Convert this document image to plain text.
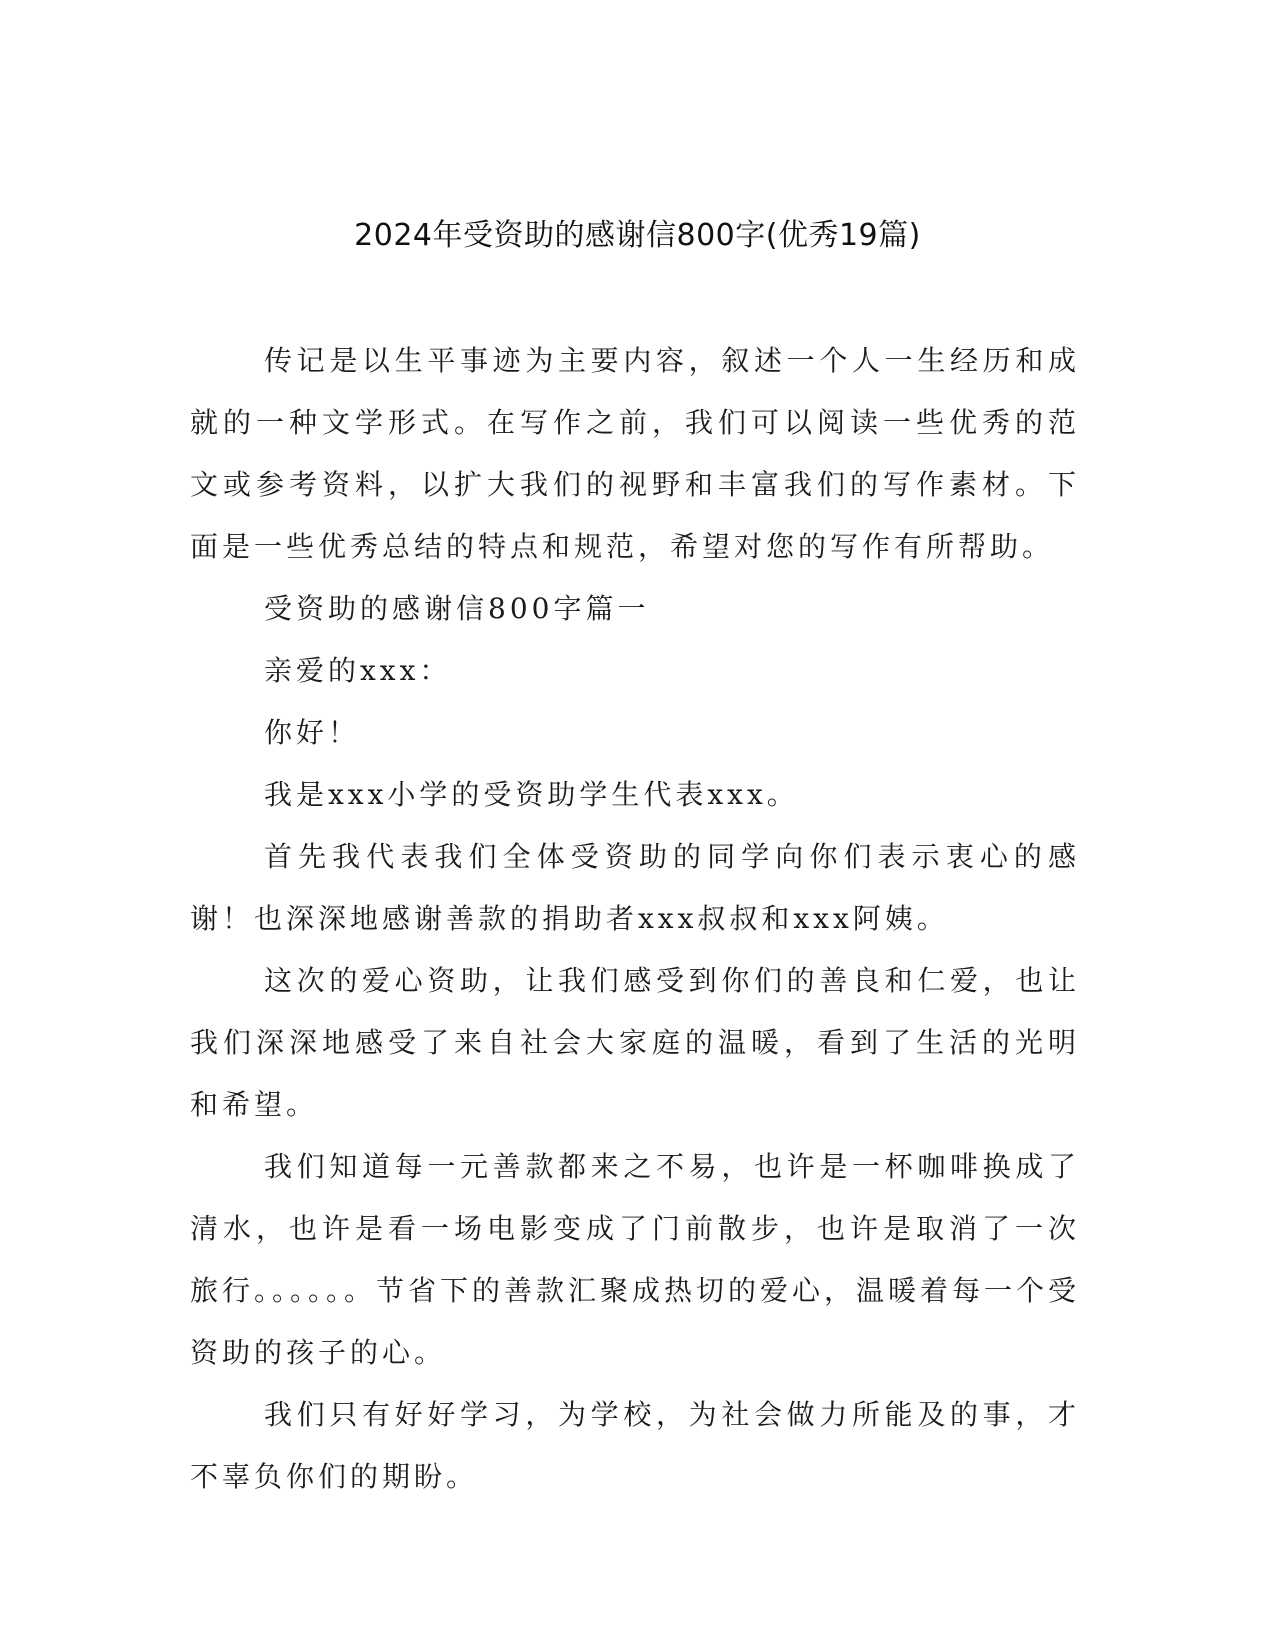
2024年受资助的感谢信800字(优秀19篇)

传记是以生平事迹为主要内容，叙述一个人一生经历和成就的一种文学形式。在写作之前，我们可以阅读一些优秀的范文或参考资料，以扩大我们的视野和丰富我们的写作素材。下面是一些优秀总结的特点和规范，希望对您的写作有所帮助。

受资助的感谢信800字篇一

亲爱的xxx：

你好！

我是xxx小学的受资助学生代表xxx。

首先我代表我们全体受资助的同学向你们表示衷心的感谢！也深深地感谢善款的捐助者xxx叔叔和xxx阿姨。

这次的爱心资助，让我们感受到你们的善良和仁爱，也让我们深深地感受了来自社会大家庭的温暖，看到了生活的光明和希望。

我们知道每一元善款都来之不易，也许是一杯咖啡换成了清水，也许是看一场电影变成了门前散步，也许是取消了一次旅行。。。。。。节省下的善款汇聚成热切的爱心，温暖着每一个受资助的孩子的心。

我们只有好好学习，为学校，为社会做力所能及的事，才不辜负你们的期盼。
